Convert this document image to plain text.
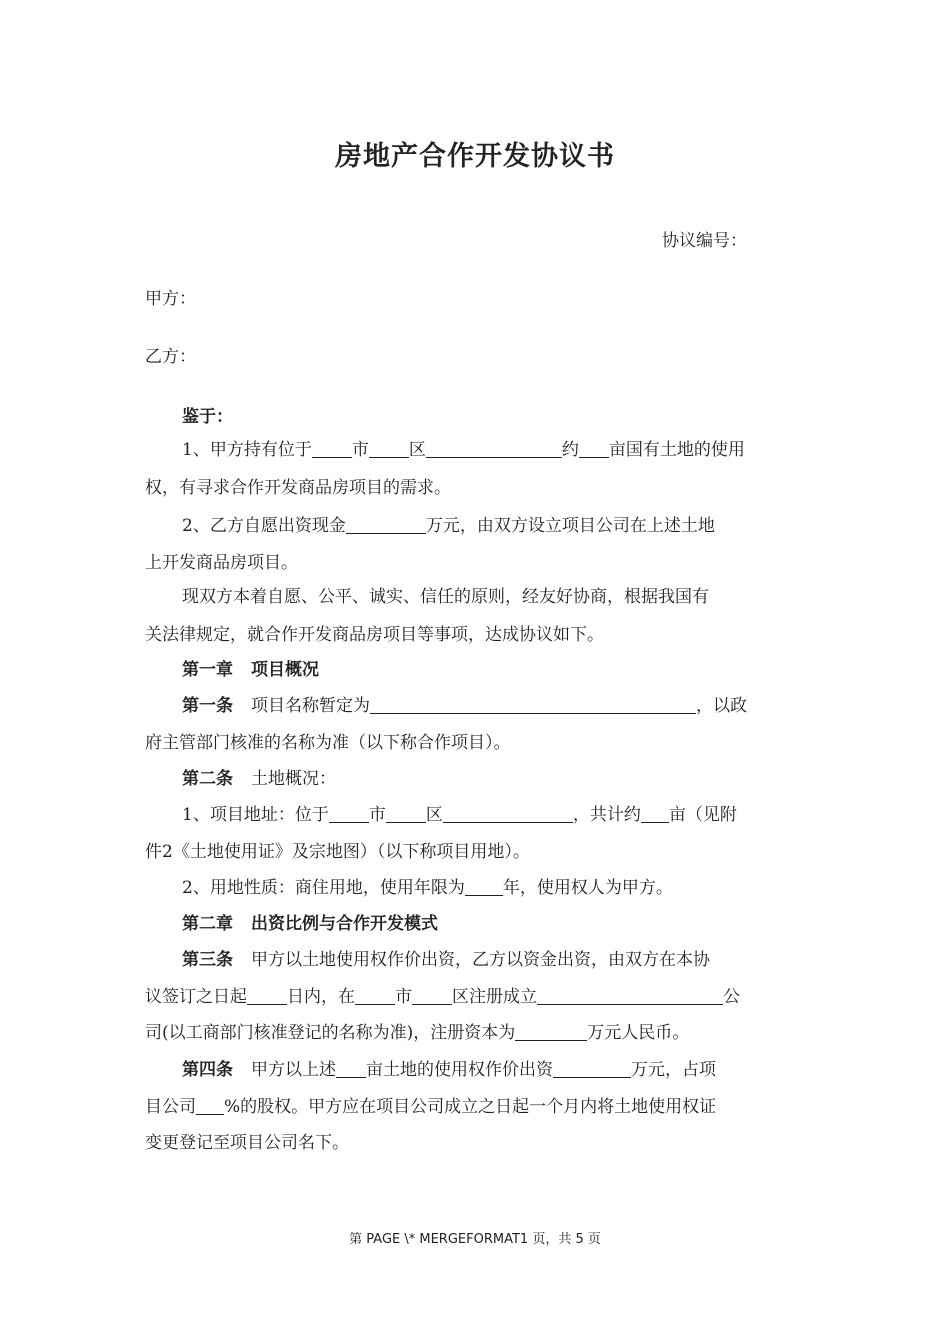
房地产合作开发协议书
协议编号：
甲方：
乙方：
鉴于：
1、甲方持有位于 市 区	约 亩国有土地的使用
权，有寻求合作开发商品房项目的需求。
2、乙方自愿出资现金	万元，由双方设立项目公司在上述土地
上开发商品房项目。
现双方本着自愿、公平、诚实、信任的原则，经友好协商，根据我国有
关法律规定，就合作开发商品房项目等事项，达成协议如下。
第一章 项目概况
第一条 项目名称暂定为	，以政
府主管部门核准的名称为准（以下称合作项目）。
第二条 土地概况：
1、项目地址：位于 市 区	，共计约 亩（见附
件2《土地使用证》及宗地图）（以下称项目用地）。
2、用地性质：商住用地，使用年限为 年，使用权人为甲方。
第二章 出资比例与合作开发模式
第三条 甲方以土地使用权作价出资，乙方以资金出资，由双方在本协
议签订之日起 日内，在 市 区注册成立	公
司(以工商部门核准登记的名称为准)，注册资本为	万元人民币。
第四条 甲方以上述 亩土地的使用权作价出资	万元，占项
目公司 %的股权。甲方应在项目公司成立之日起一个月内将土地使用权证
变更登记至项目公司名下。
第 PAGE \* MERGEFORMAT1 页，共 5 页
